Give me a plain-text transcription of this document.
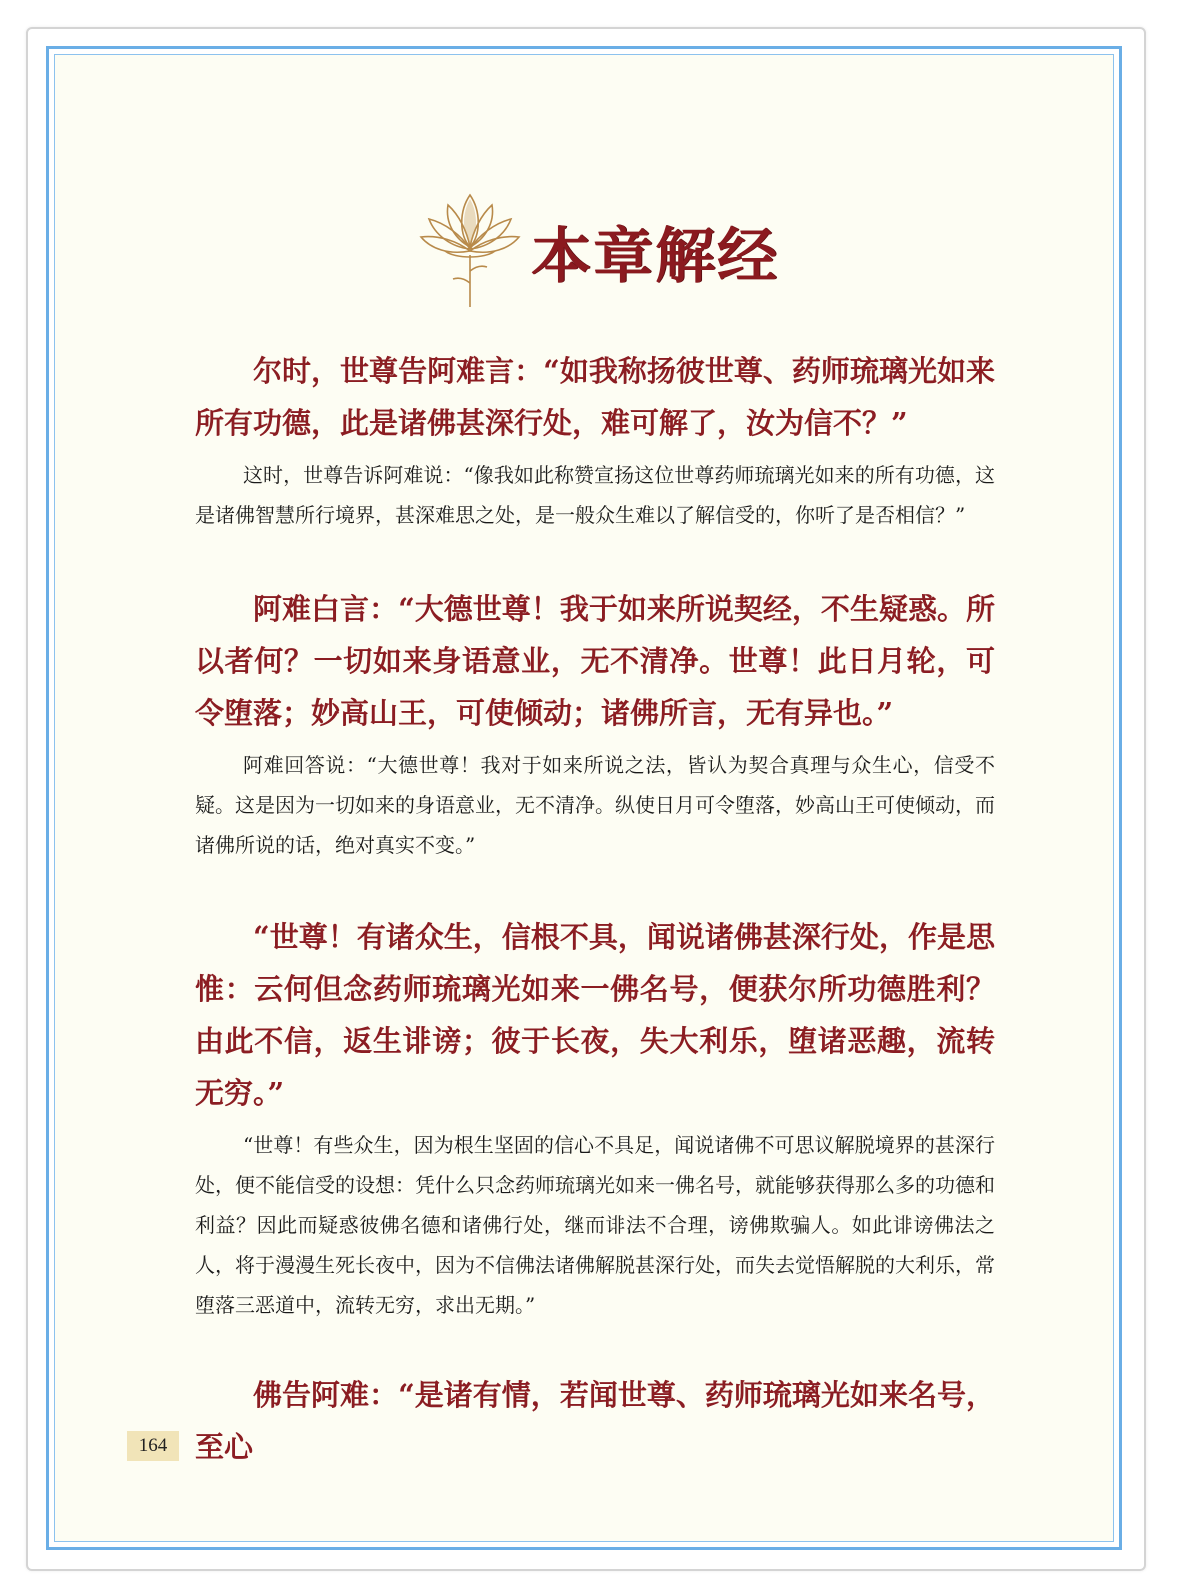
本章解经

尔时，世尊告阿难言：“如我称扬彼世尊、药师琉璃光如来所有功德，此是诸佛甚深行处，难可解了，汝为信不？”

这时，世尊告诉阿难说：“像我如此称赞宣扬这位世尊药师琉璃光如来的所有功德，这是诸佛智慧所行境界，甚深难思之处，是一般众生难以了解信受的，你听了是否相信？”

阿难白言：“大德世尊！我于如来所说契经，不生疑惑。所以者何？一切如来身语意业，无不清净。世尊！此日月轮，可令堕落；妙高山王，可使倾动；诸佛所言，无有异也。”

阿难回答说：“大德世尊！我对于如来所说之法，皆认为契合真理与众生心，信受不疑。这是因为一切如来的身语意业，无不清净。纵使日月可令堕落，妙高山王可使倾动，而诸佛所说的话，绝对真实不变。”

“世尊！有诸众生，信根不具，闻说诸佛甚深行处，作是思惟：云何但念药师琉璃光如来一佛名号，便获尔所功德胜利？由此不信，返生诽谤；彼于长夜，失大利乐，堕诸恶趣，流转无穷。”

“世尊！有些众生，因为根生坚固的信心不具足，闻说诸佛不可思议解脱境界的甚深行处，便不能信受的设想：凭什么只念药师琉璃光如来一佛名号，就能够获得那么多的功德和利益？因此而疑惑彼佛名德和诸佛行处，继而诽法不合理，谤佛欺骗人。如此诽谤佛法之人，将于漫漫生死长夜中，因为不信佛法诸佛解脱甚深行处，而失去觉悟解脱的大利乐，常堕落三恶道中，流转无穷，求出无期。”

佛告阿难：“是诸有情，若闻世尊、药师琉璃光如来名号，至心

164
